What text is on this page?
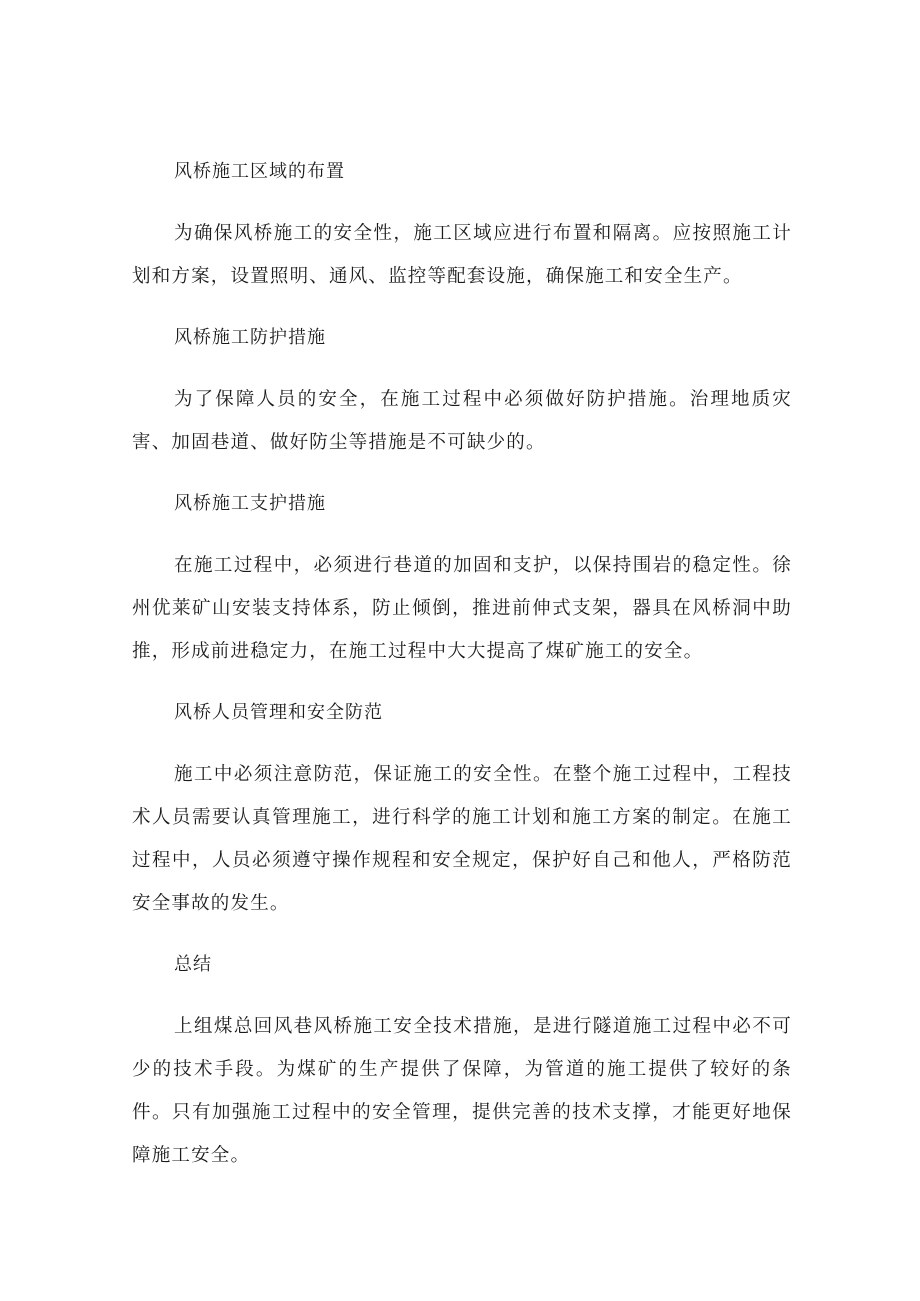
风桥施工区域的布置

为确保风桥施工的安全性，施工区域应进行布置和隔离。应按照施工计划和方案，设置照明、通风、监控等配套设施，确保施工和安全生产。

风桥施工防护措施

为了保障人员的安全，在施工过程中必须做好防护措施。治理地质灾害、加固巷道、做好防尘等措施是不可缺少的。

风桥施工支护措施

在施工过程中，必须进行巷道的加固和支护，以保持围岩的稳定性。徐州优莱矿山安装支持体系，防止倾倒，推进前伸式支架，器具在风桥洞中助推，形成前进稳定力，在施工过程中大大提高了煤矿施工的安全。

风桥人员管理和安全防范

施工中必须注意防范，保证施工的安全性。在整个施工过程中，工程技术人员需要认真管理施工，进行科学的施工计划和施工方案的制定。在施工过程中，人员必须遵守操作规程和安全规定，保护好自己和他人，严格防范安全事故的发生。

总结

上组煤总回风巷风桥施工安全技术措施，是进行隧道施工过程中必不可少的技术手段。为煤矿的生产提供了保障，为管道的施工提供了较好的条件。只有加强施工过程中的安全管理，提供完善的技术支撑，才能更好地保障施工安全。
